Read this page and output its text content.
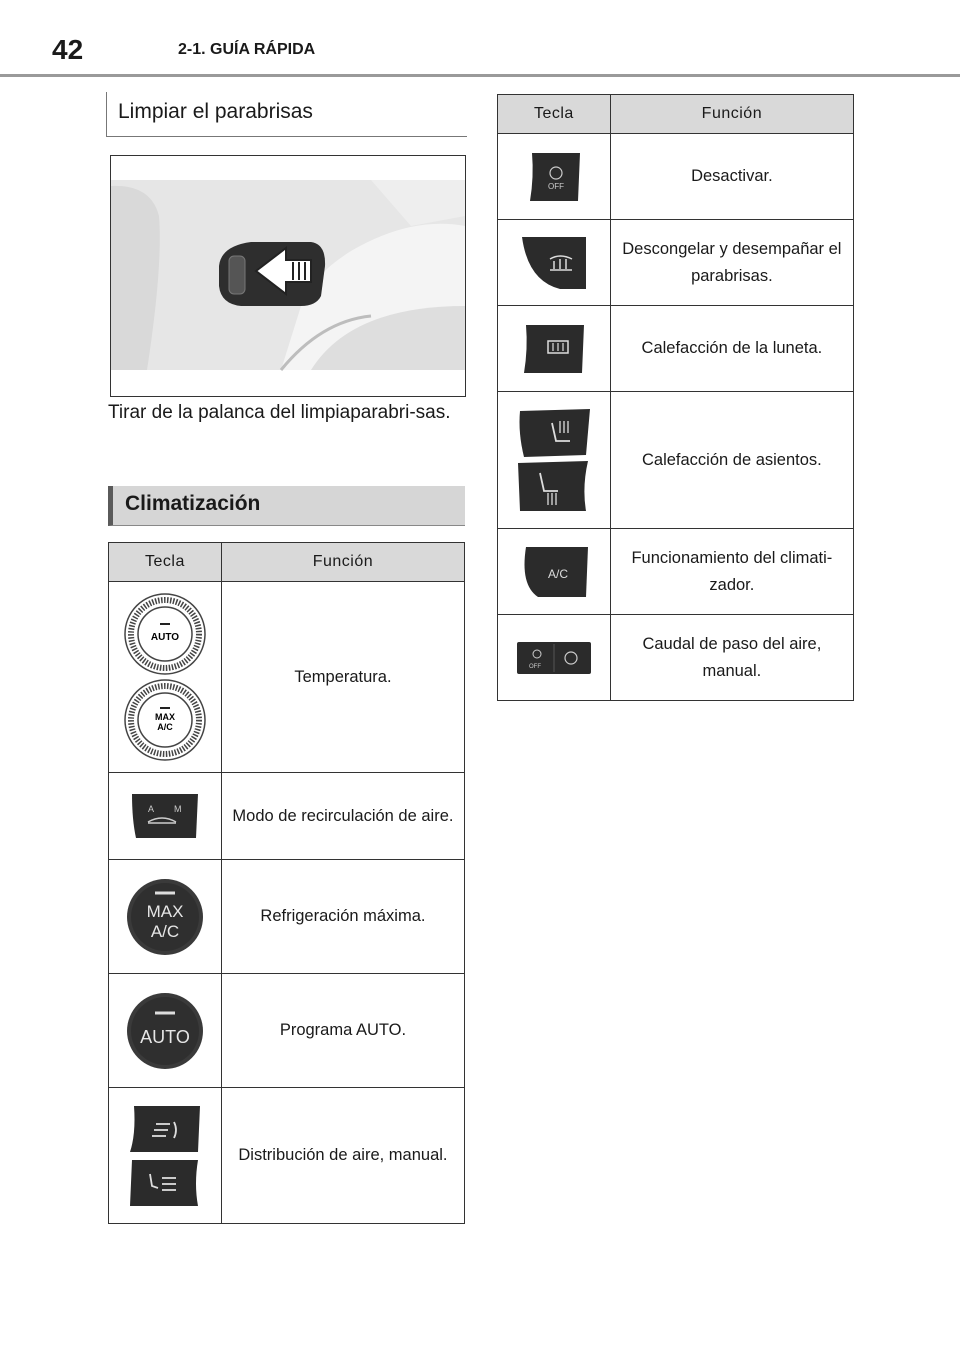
42	2-1. GUÍA RÁPIDA
Limpiar el parabrisas
Tirar de la palanca del limpiaparabri-sas.
Climatización
Tecla	Función

AUTO
MAX
A/C	Temperatura.

A M	Modo de recirculación de aire.

MAX
A/C	Refrigeración máxima.

AUTO	Programa AUTO.

	Distribución de aire, manual.
Tecla	Función

OFF	Desactivar.

	Descongelar y desempañar el parabrisas.

	Calefacción de la luneta.

	Calefacción de asientos.

A/C	Funcionamiento del climati-zador.

OFF	Caudal de paso del aire, manual.
